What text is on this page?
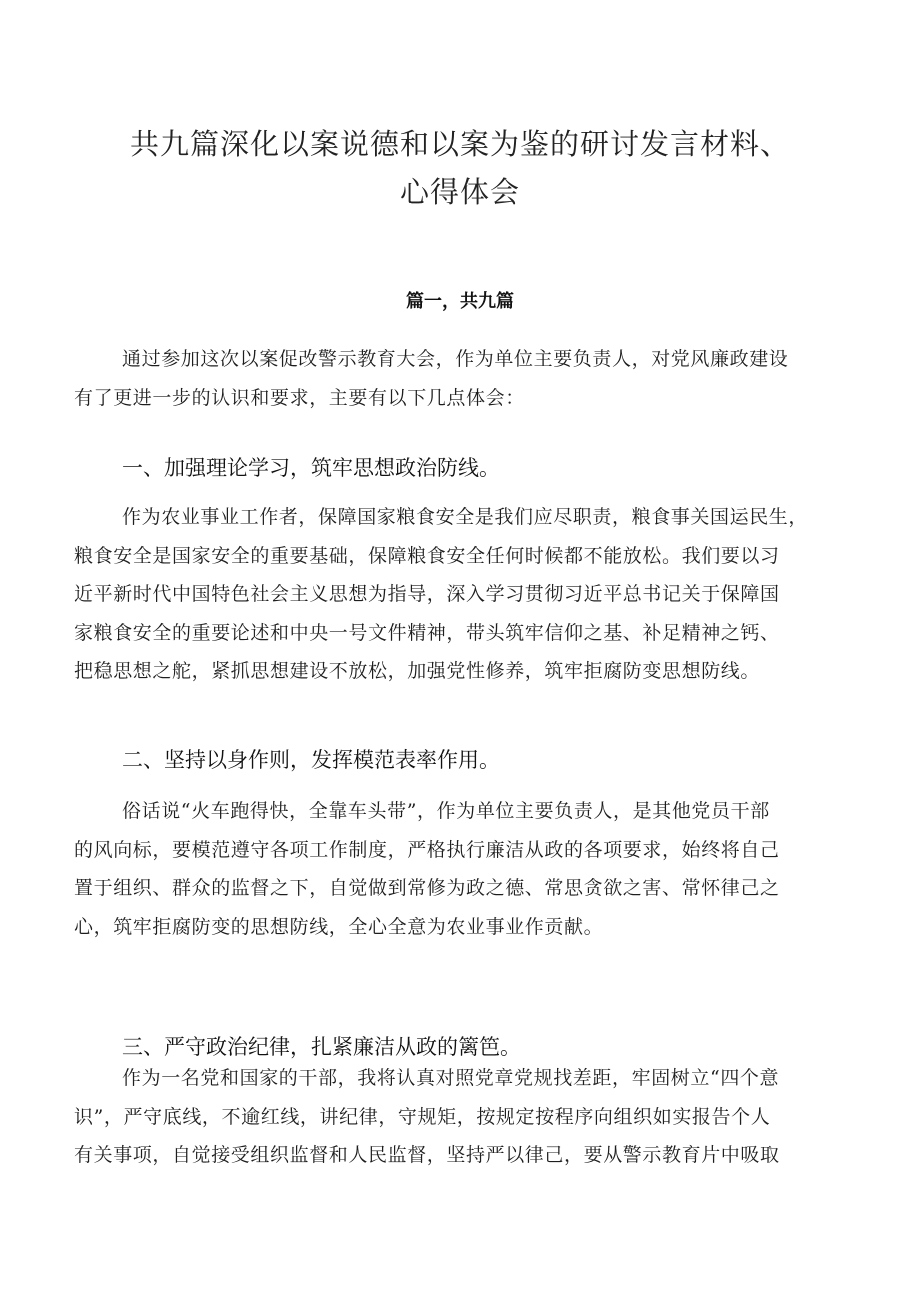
共九篇深化以案说德和以案为鉴的研讨发言材料、
心得体会
篇一，共九篇
通过参加这次以案促改警示教育大会，作为单位主要负责人，对党风廉政建设
有了更进一步的认识和要求，主要有以下几点体会：
一、加强理论学习，筑牢思想政治防线。
作为农业事业工作者，保障国家粮食安全是我们应尽职责，粮食事关国运民生，
粮食安全是国家安全的重要基础，保障粮食安全任何时候都不能放松。我们要以习
近平新时代中国特色社会主义思想为指导，深入学习贯彻习近平总书记关于保障国
家粮食安全的重要论述和中央一号文件精神，带头筑牢信仰之基、补足精神之钙、
把稳思想之舵，紧抓思想建设不放松，加强党性修养，筑牢拒腐防变思想防线。
二、坚持以身作则，发挥模范表率作用。
俗话说“火车跑得快，全靠车头带”，作为单位主要负责人，是其他党员干部
的风向标，要模范遵守各项工作制度，严格执行廉洁从政的各项要求，始终将自己
置于组织、群众的监督之下，自觉做到常修为政之德、常思贪欲之害、常怀律己之
心，筑牢拒腐防变的思想防线，全心全意为农业事业作贡献。
三、严守政治纪律，扎紧廉洁从政的篱笆。
作为一名党和国家的干部，我将认真对照党章党规找差距，牢固树立“四个意
识”，严守底线，不逾红线，讲纪律，守规矩，按规定按程序向组织如实报告个人
有关事项，自觉接受组织监督和人民监督，坚持严以律己，要从警示教育片中吸取
